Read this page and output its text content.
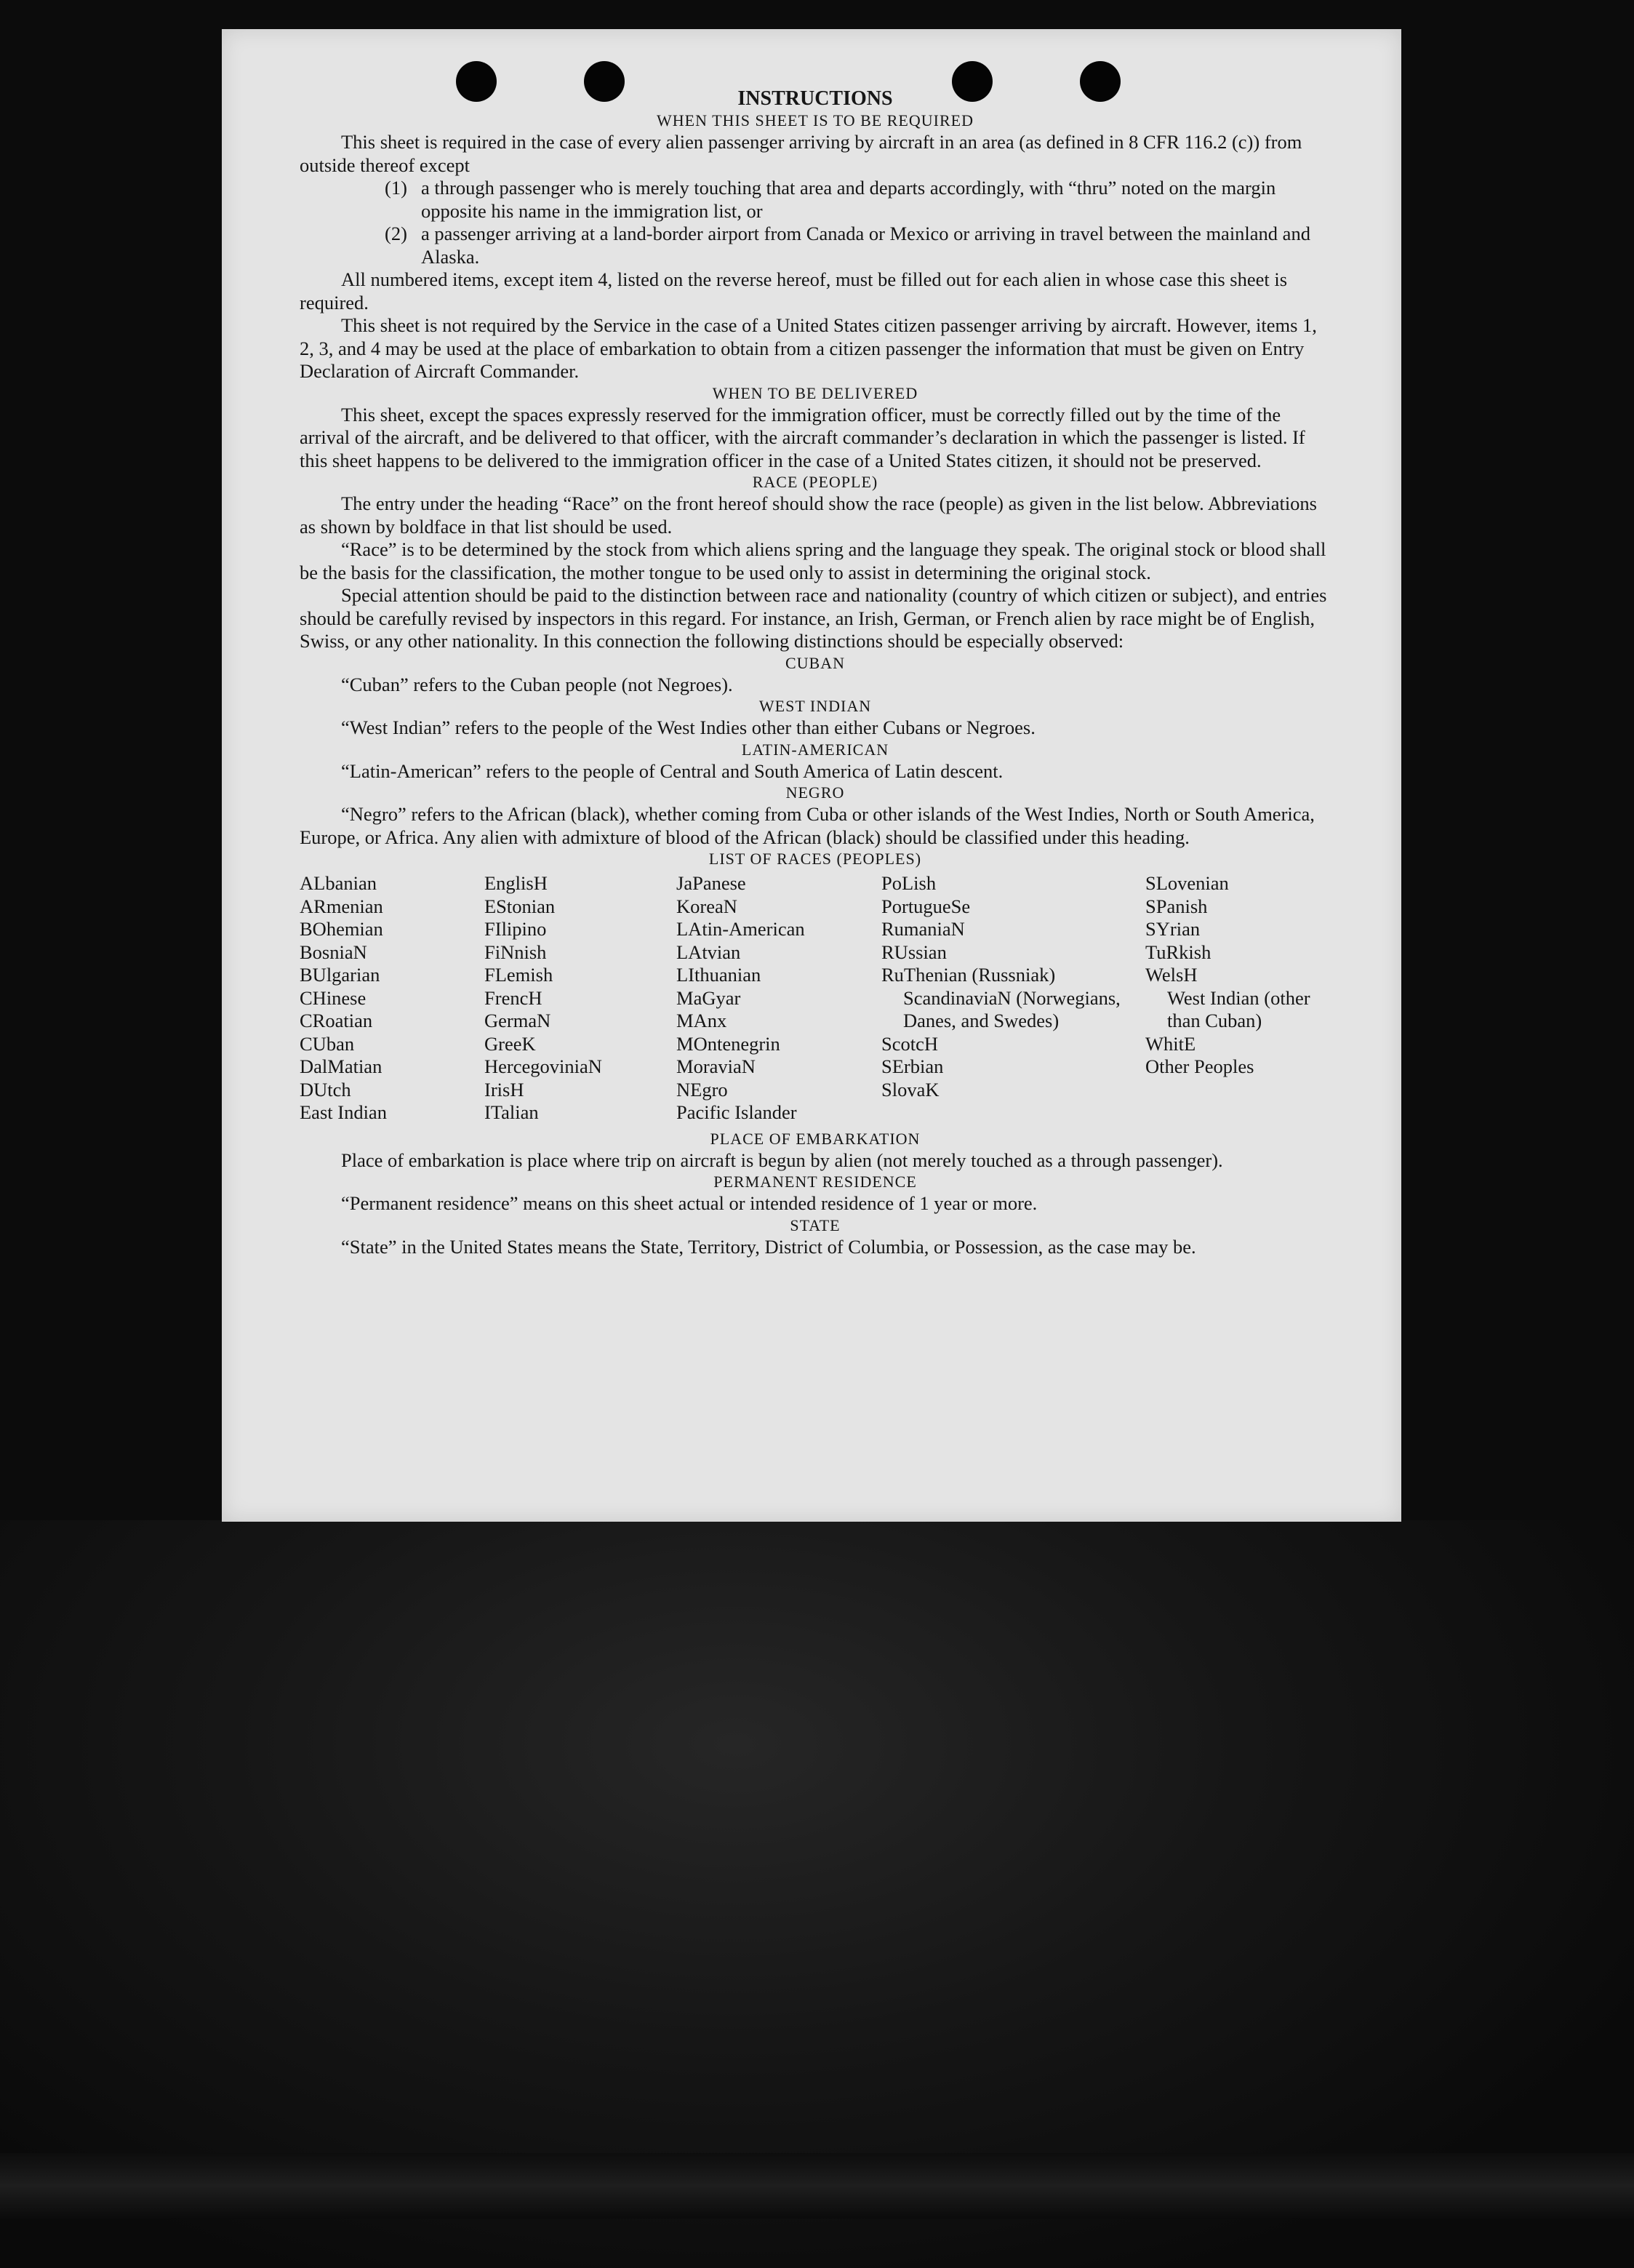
INSTRUCTIONS

WHEN THIS SHEET IS TO BE REQUIRED

This sheet is required in the case of every alien passenger arriving by aircraft in an area (as defined in 8 CFR 116.2 (c)) from outside thereof except

(1) a through passenger who is merely touching that area and departs accordingly, with “thru” noted on the margin opposite his name in the immigration list, or
(2) a passenger arriving at a land-border airport from Canada or Mexico or arriving in travel between the mainland and Alaska.

All numbered items, except item 4, listed on the reverse hereof, must be filled out for each alien in whose case this sheet is required.

This sheet is not required by the Service in the case of a United States citizen passenger arriving by aircraft. However, items 1, 2, 3, and 4 may be used at the place of embarkation to obtain from a citizen passenger the information that must be given on Entry Declaration of Aircraft Commander.

WHEN TO BE DELIVERED

This sheet, except the spaces expressly reserved for the immigration officer, must be correctly filled out by the time of the arrival of the aircraft, and be delivered to that officer, with the aircraft commander’s declaration in which the passenger is listed. If this sheet happens to be delivered to the immigration officer in the case of a United States citizen, it should not be preserved.

RACE (PEOPLE)

The entry under the heading “Race” on the front hereof should show the race (people) as given in the list below. Abbreviations as shown by boldface in that list should be used.

“Race” is to be determined by the stock from which aliens spring and the language they speak. The original stock or blood shall be the basis for the classification, the mother tongue to be used only to assist in determining the original stock.

Special attention should be paid to the distinction between race and nationality (country of which citizen or subject), and entries should be carefully revised by inspectors in this regard. For instance, an Irish, German, or French alien by race might be of English, Swiss, or any other nationality. In this connection the following distinctions should be especially observed:

CUBAN

“Cuban” refers to the Cuban people (not Negroes).

WEST INDIAN

“West Indian” refers to the people of the West Indies other than either Cubans or Negroes.

LATIN-AMERICAN

“Latin-American” refers to the people of Central and South America of Latin descent.

NEGRO

“Negro” refers to the African (black), whether coming from Cuba or other islands of the West Indies, North or South America, Europe, or Africa. Any alien with admixture of blood of the African (black) should be classified under this heading.

LIST OF RACES (PEOPLES)

ALbanian
ARmenian
BOhemian
BosniaN
BUlgarian
CHinese
CRoatian
CUban
DalMatian
DUtch
East Indian
EnglisH
EStonian
FIlipino
FiNnish
FLemish
FrencH
GermaN
GreeK
HercegoviniaN
IrisH
ITalian
JaPanese
KoreaN
LAtin-American
LAtvian
LIthuanian
MaGyar
MAnx
MOntenegrin
MoraviaN
NEgro
Pacific Islander
PoLish
PortugueSe
RumaniaN
RUssian
RuThenian (Russniak)
ScandinaviaN (Norwegians, Danes, and Swedes)
ScotcH
SErbian
SlovaK
SLovenian
SPanish
SYrian
TuRkish
WelsH
West Indian (other than Cuban)
WhitE
Other Peoples

PLACE OF EMBARKATION

Place of embarkation is place where trip on aircraft is begun by alien (not merely touched as a through passenger).

PERMANENT RESIDENCE

“Permanent residence” means on this sheet actual or intended residence of 1 year or more.

STATE

“State” in the United States means the State, Territory, District of Columbia, or Possession, as the case may be.
